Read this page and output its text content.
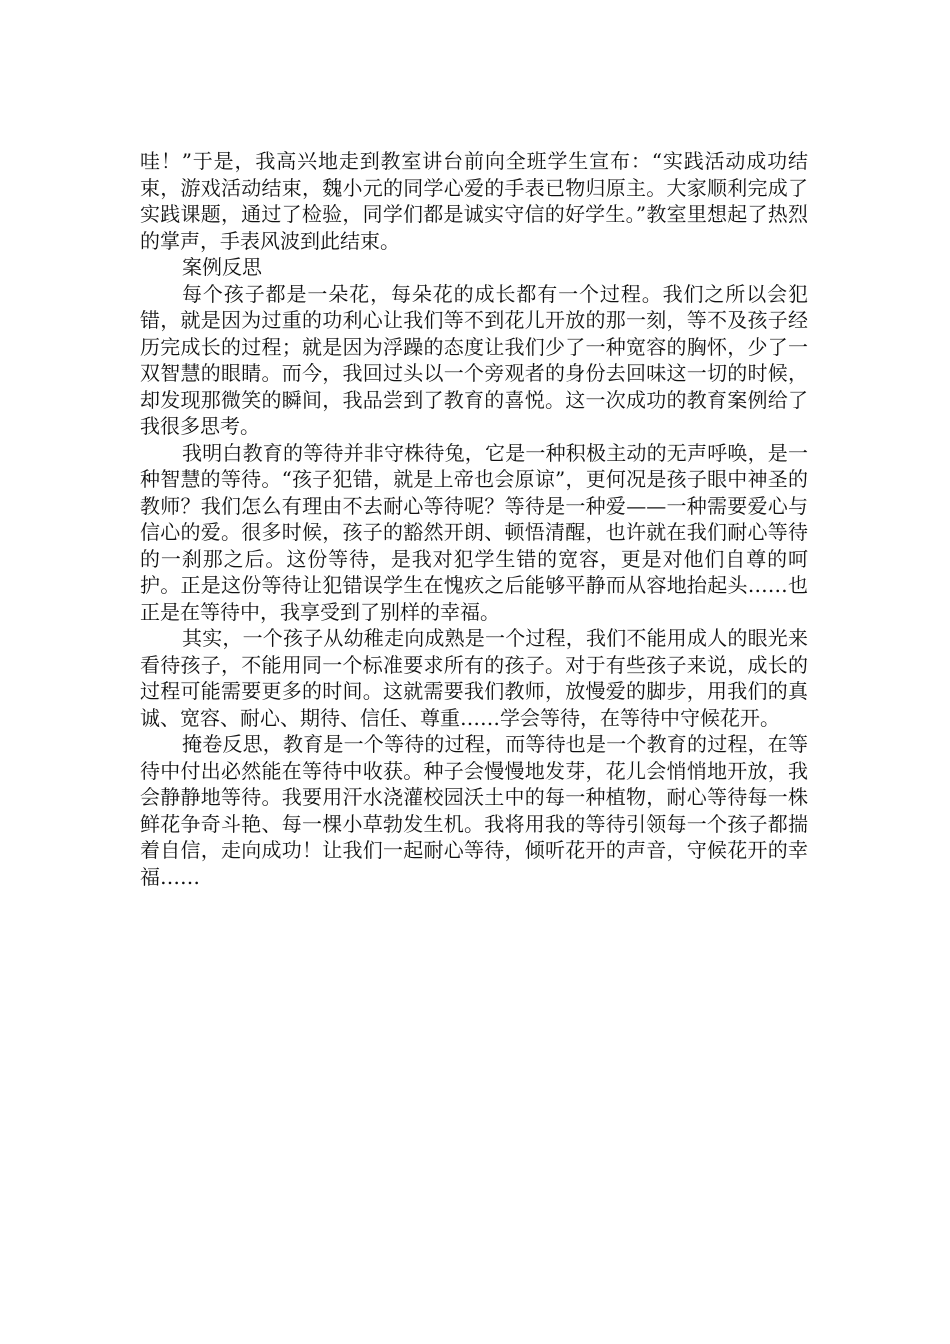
哇！”于是，我高兴地走到教室讲台前向全班学生宣布：“实践活动成功结束，游戏活动结束，魏小元的同学心爱的手表已物归原主。大家顺利完成了实践课题，通过了检验，同学们都是诚实守信的好学生。”教室里想起了热烈的掌声，手表风波到此结束。

案例反思

每个孩子都是一朵花，每朵花的成长都有一个过程。我们之所以会犯错，就是因为过重的功利心让我们等不到花儿开放的那一刻，等不及孩子经历完成长的过程；就是因为浮躁的态度让我们少了一种宽容的胸怀，少了一双智慧的眼睛。而今，我回过头以一个旁观者的身份去回味这一切的时候，却发现那微笑的瞬间，我品尝到了教育的喜悦。这一次成功的教育案例给了我很多思考。

我明白教育的等待并非守株待兔，它是一种积极主动的无声呼唤，是一种智慧的等待。“孩子犯错，就是上帝也会原谅”，更何况是孩子眼中神圣的教师？我们怎么有理由不去耐心等待呢？等待是一种爱——一种需要爱心与信心的爱。很多时候，孩子的豁然开朗、顿悟清醒，也许就在我们耐心等待的一刹那之后。这份等待，是我对犯学生错的宽容，更是对他们自尊的呵护。正是这份等待让犯错误学生在愧疚之后能够平静而从容地抬起头……也正是在等待中，我享受到了别样的幸福。

其实，一个孩子从幼稚走向成熟是一个过程，我们不能用成人的眼光来看待孩子，不能用同一个标准要求所有的孩子。对于有些孩子来说，成长的过程可能需要更多的时间。这就需要我们教师，放慢爱的脚步，用我们的真诚、宽容、耐心、期待、信任、尊重……学会等待，在等待中守候花开。

掩卷反思，教育是一个等待的过程，而等待也是一个教育的过程，在等待中付出必然能在等待中收获。种子会慢慢地发芽，花儿会悄悄地开放，我会静静地等待。我要用汗水浇灌校园沃土中的每一种植物，耐心等待每一株鲜花争奇斗艳、每一棵小草勃发生机。我将用我的等待引领每一个孩子都揣着自信，走向成功！让我们一起耐心等待，倾听花开的声音，守候花开的幸福……
